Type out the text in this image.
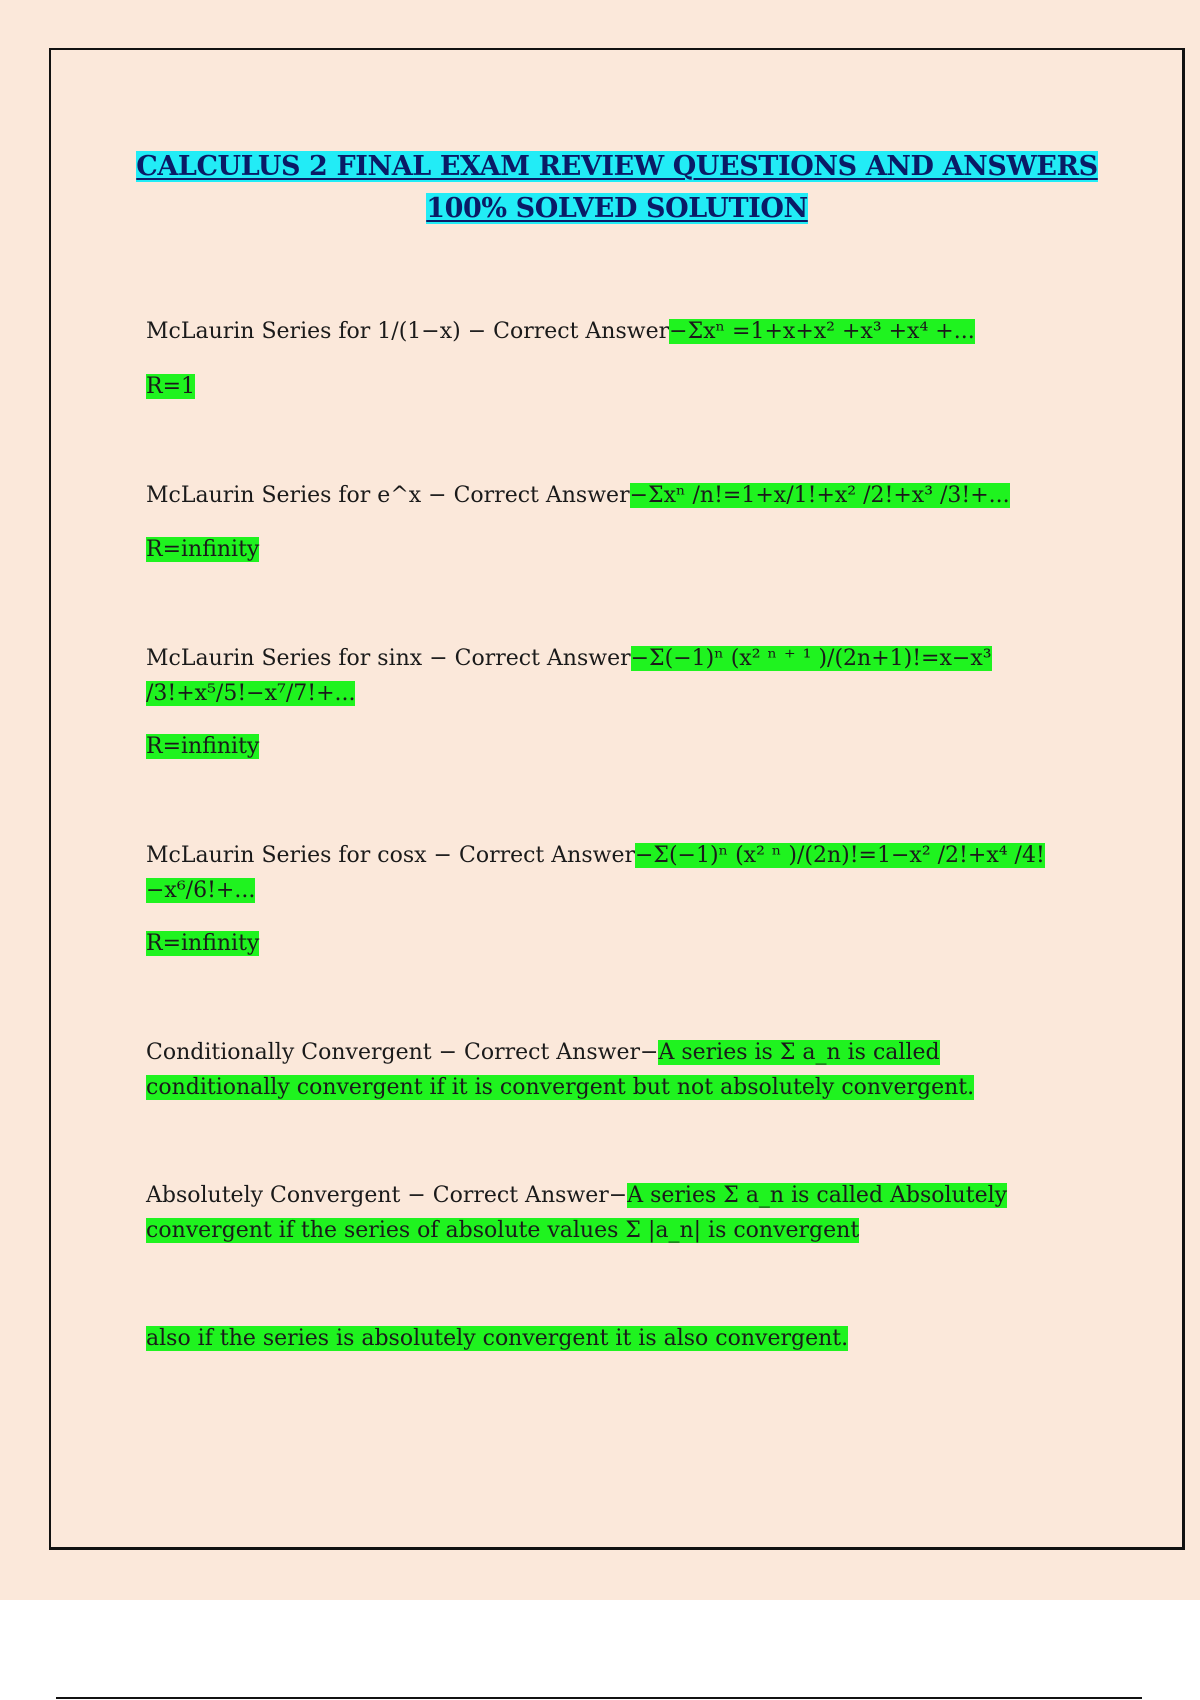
CALCULUS 2 FINAL EXAM REVIEW QUESTIONS AND ANSWERS
100% SOLVED SOLUTION
McLaurin Series for 1/(1−x) − Correct Answer−Σxⁿ =1+x+x² +x³ +x⁴ +...
R=1
McLaurin Series for e^x − Correct Answer−Σxⁿ /n!=1+x/1!+x² /2!+x³ /3!+...
R=infinity
McLaurin Series for sinx − Correct Answer−Σ(−1)ⁿ (x² ⁿ ⁺ ¹ )/(2n+1)!=x−x³ /3!+x⁵/5!−x⁷/7!+...
R=infinity
McLaurin Series for cosx − Correct Answer−Σ(−1)ⁿ (x² ⁿ )/(2n)!=1−x² /2!+x⁴ /4!−x⁶/6!+...
R=infinity
Conditionally Convergent − Correct Answer−A series is Σ a_n is called conditionally convergent if it is convergent but not absolutely convergent.
Absolutely Convergent − Correct Answer−A series Σ a_n is called Absolutely convergent if the series of absolute values Σ |a_n| is convergent
also if the series is absolutely convergent it is also convergent.
